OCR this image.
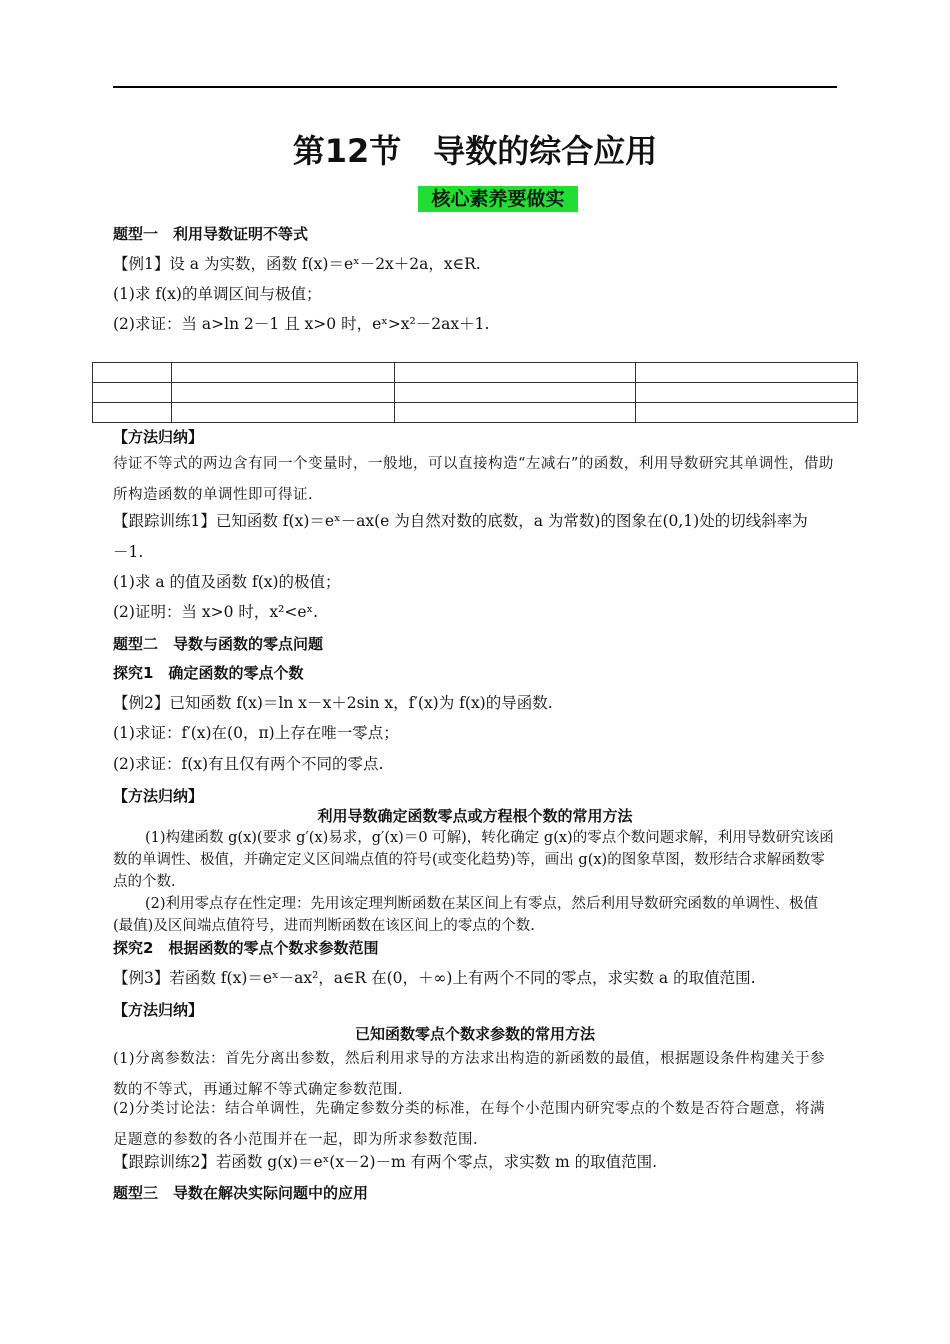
第12节　导数的综合应用
核心素养要做实
题型一　利用导数证明不等式
【例1】设 a 为实数，函数 f(x)＝eˣ－2x＋2a，x∈R.
(1)求 f(x)的单调区间与极值；
(2)求证：当 a>ln 2－1 且 x>0 时，eˣ>x²－2ax＋1.

【方法归纳】
待证不等式的两边含有同一个变量时，一般地，可以直接构造“左减右”的函数，利用导数研究其单调性，借助所构造函数的单调性即可得证.
【跟踪训练1】已知函数 f(x)＝eˣ－ax(e 为自然对数的底数，a 为常数)的图象在(0,1)处的切线斜率为
－1.
(1)求 a 的值及函数 f(x)的极值；
(2)证明：当 x>0 时，x²<eˣ.
题型二　导数与函数的零点问题
探究1　确定函数的零点个数
【例2】已知函数 f(x)＝ln x－x＋2sin x，f′(x)为 f(x)的导函数.
(1)求证：f′(x)在(0，π)上存在唯一零点；
(2)求证：f(x)有且仅有两个不同的零点.
【方法归纳】
利用导数确定函数零点或方程根个数的常用方法
(1)构建函数 g(x)(要求 g′(x)易求，g′(x)＝0 可解)，转化确定 g(x)的零点个数问题求解，利用导数研究该函数的单调性、极值，并确定定义区间端点值的符号(或变化趋势)等，画出 g(x)的图象草图，数形结合求解函数零点的个数.
(2)利用零点存在性定理：先用该定理判断函数在某区间上有零点，然后利用导数研究函数的单调性、极值(最值)及区间端点值符号，进而判断函数在该区间上的零点的个数.
探究2　根据函数的零点个数求参数范围
【例3】若函数 f(x)＝eˣ－ax²，a∈R 在(0，＋∞)上有两个不同的零点，求实数 a 的取值范围.
【方法归纳】
已知函数零点个数求参数的常用方法
(1)分离参数法：首先分离出参数，然后利用求导的方法求出构造的新函数的最值，根据题设条件构建关于参数的不等式，再通过解不等式确定参数范围.
(2)分类讨论法：结合单调性，先确定参数分类的标准，在每个小范围内研究零点的个数是否符合题意，将满足题意的参数的各小范围并在一起，即为所求参数范围.
【跟踪训练2】若函数 g(x)＝eˣ(x－2)－m 有两个零点，求实数 m 的取值范围.
题型三　导数在解决实际问题中的应用
